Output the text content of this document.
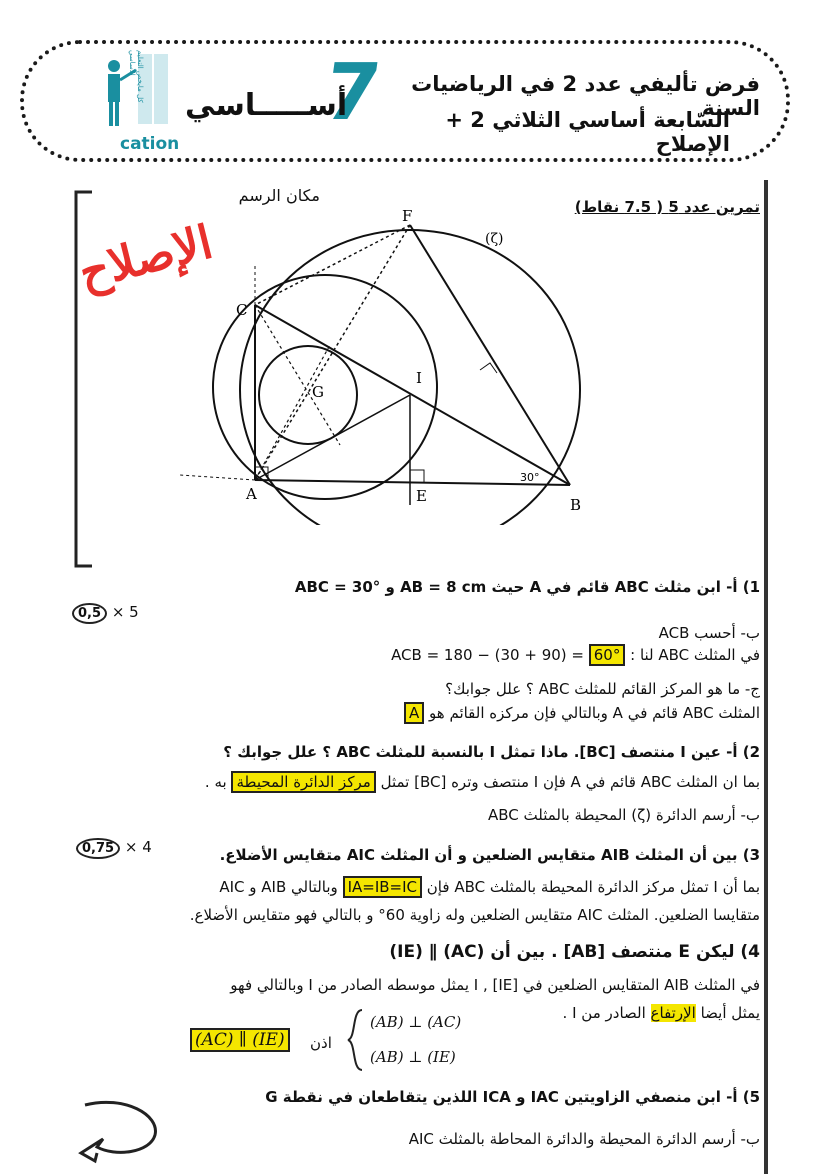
فرض تأليفي عدد 2 في الرياضيات السنة
السّابعة أساسي الثلاثي 2 + الإصلاح
7
أســـــاسي
cation
كل مايخص التعليم الأساسي
تمرين عدد 5 ( 7.5 نقاط)
مكان الرسم
الإصلاح	F
C
G
I
A	E	B
(ζ)
30°
1) أ- ابن مثلث ABC قائم في A حيث AB = 8 cm و ABC = 30°
0,5 × 5
ب- أحسب ACB
في المثلث ABC لنا : ACB = 180 − (30 + 90) = 60°
ج- ما هو المركز القائم للمثلث ABC ؟ علل جوابك؟
المثلث ABC قائم في A وبالتالي فإن مركزه القائم هو A
2) أ- عين I منتصف [BC]. ماذا تمثل I بالنسبة للمثلث ABC ؟ علل جوابك ؟
بما ان المثلث ABC قائم في A فإن I منتصف وتره [BC] تمثل مركز الدائرة المحيطة به .
ب- أرسم الدائرة (ζ) المحيطة بالمثلث ABC
0,75 × 4	3) بين أن المثلث AIB متقايس الضلعين و أن المثلث AIC متقايس الأضلاع.
بما أن I تمثل مركز الدائرة المحيطة بالمثلث ABC فإن IA=IB=IC وبالتالي AIB و AIC
متقايسا الضلعين. المثلث AIC متقايس الضلعين وله زاوية 60° و بالتالي فهو متقايس الأضلاع.
4) ليكن E منتصف [AB] . بين أن (AC) ∥ (IE)
في المثلث AIB المتقايس الضلعين في I , [IE] يمثل موسطه الصادر من I وبالتالي فهو
يمثل أيضا الإرتفاع الصادر من I .
(AB) ⊥ (AC)
(AB) ⊥ (IE)
اذن
(AC) ∥ (IE)
5) أ- ابن منصفي الزاويتين IAC و ICA اللذين يتقاطعان في نقطة G
ب- أرسم الدائرة المحيطة والدائرة المحاطة بالمثلث AIC
